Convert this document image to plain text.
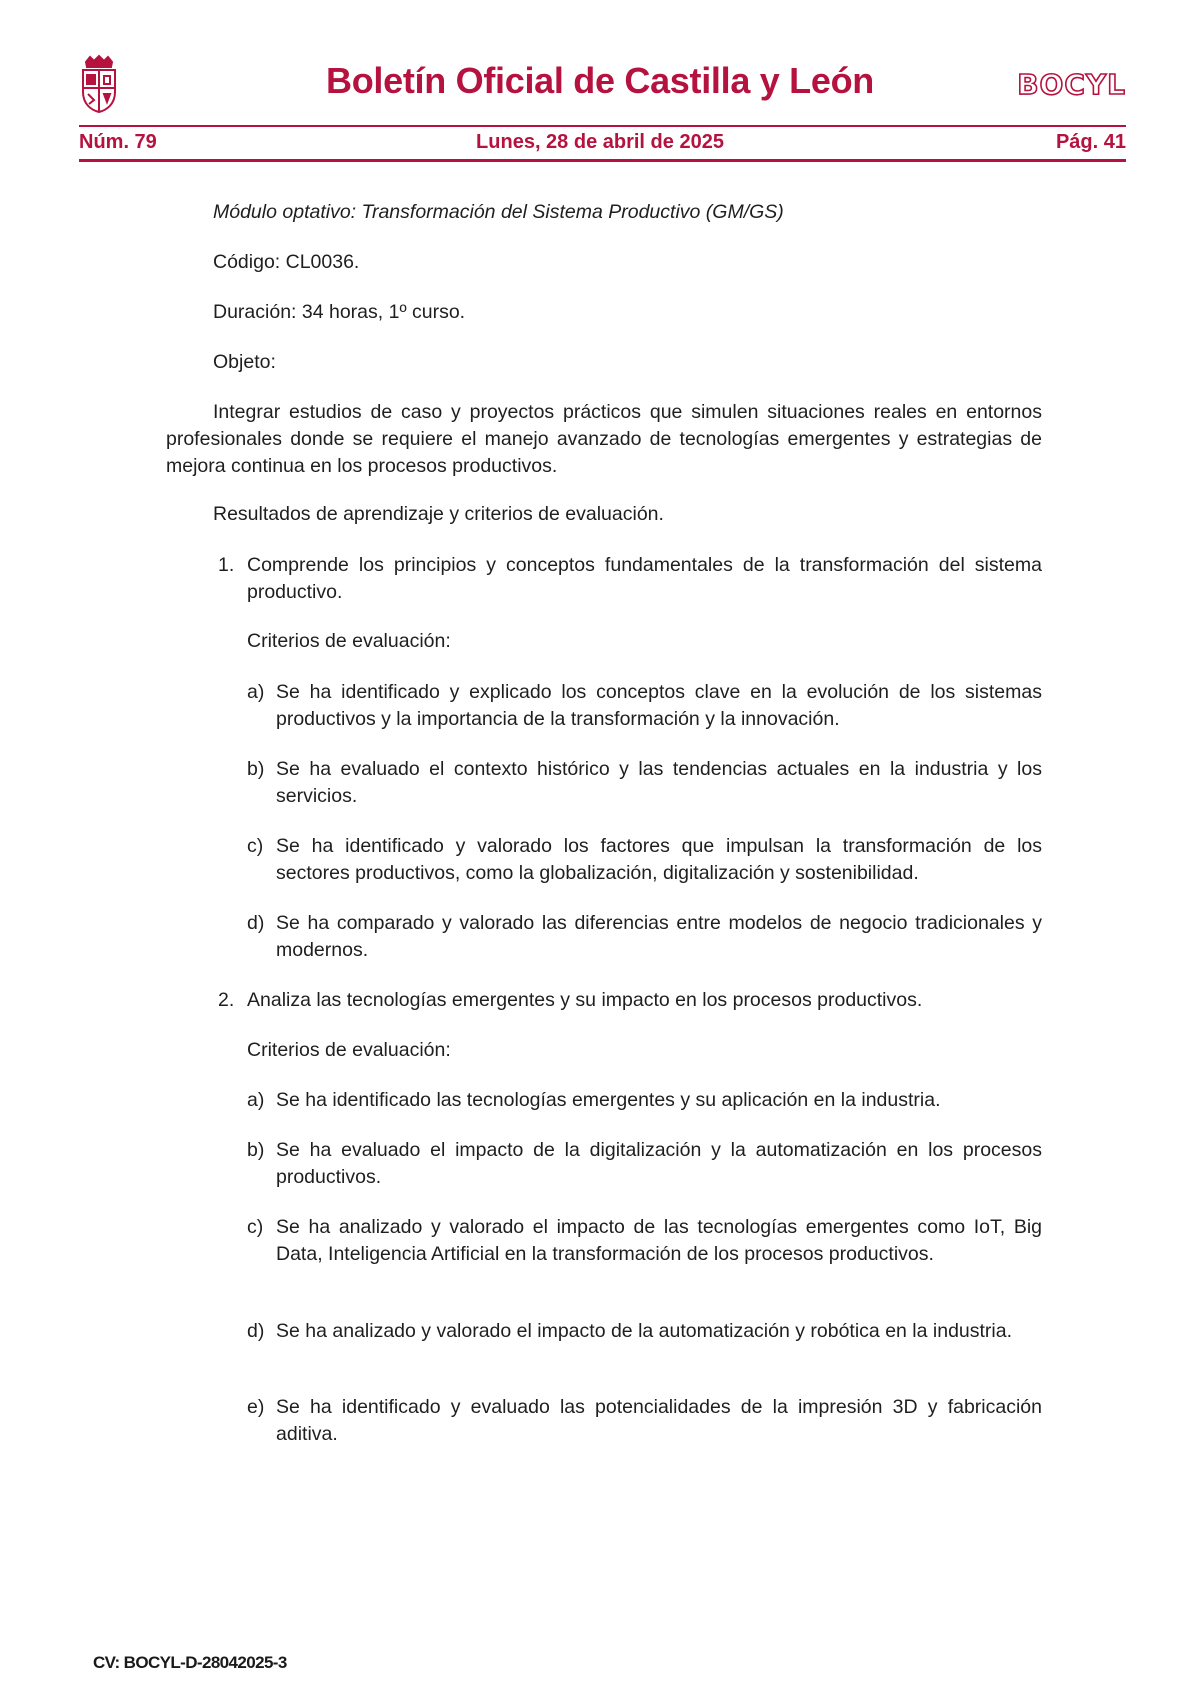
Boletín Oficial de Castilla y León	BOCYL
Núm. 79	Lunes, 28 de abril de 2025	Pág. 41
Módulo optativo: Transformación del Sistema Productivo (GM/GS)
Código: CL0036.
Duración: 34 horas, 1º curso.
Objeto:
Integrar estudios de caso y proyectos prácticos que simulen situaciones reales en entornos profesionales donde se requiere el manejo avanzado de tecnologías emergentes y estrategias de mejora continua en los procesos productivos.
Resultados de aprendizaje y criterios de evaluación.
1. Comprende los principios y conceptos fundamentales de la transformación del sistema productivo.
Criterios de evaluación:
a) Se ha identificado y explicado los conceptos clave en la evolución de los sistemas productivos y la importancia de la transformación y la innovación.
b) Se ha evaluado el contexto histórico y las tendencias actuales en la industria y los servicios.
c) Se ha identificado y valorado los factores que impulsan la transformación de los sectores productivos, como la globalización, digitalización y sostenibilidad.
d) Se ha comparado y valorado las diferencias entre modelos de negocio tradicionales y modernos.
2. Analiza las tecnologías emergentes y su impacto en los procesos productivos.
Criterios de evaluación:
a) Se ha identificado las tecnologías emergentes y su aplicación en la industria.
b) Se ha evaluado el impacto de la digitalización y la automatización en los procesos productivos.
c) Se ha analizado y valorado el impacto de las tecnologías emergentes como IoT, Big Data, Inteligencia Artificial en la transformación de los procesos productivos.
d) Se ha analizado y valorado el impacto de la automatización y robótica en la industria.
e) Se ha identificado y evaluado las potencialidades de la impresión 3D y fabricación aditiva.
CV: BOCYL-D-28042025-3
